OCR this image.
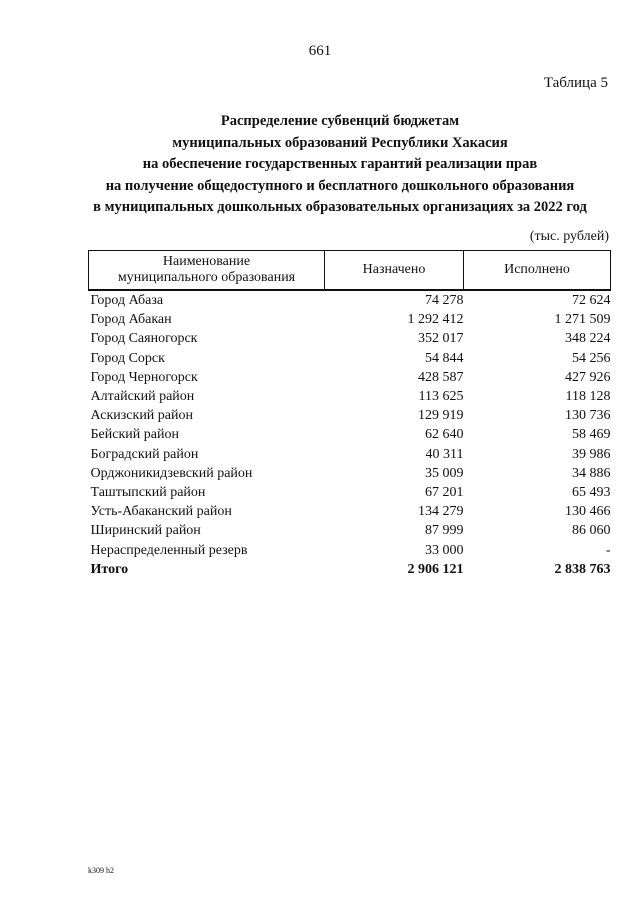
661
Таблица 5
Распределение субвенций бюджетам
муниципальных образований Республики Хакасия
на обеспечение государственных гарантий реализации прав
на получение общедоступного и бесплатного дошкольного образования
в муниципальных дошкольных образовательных организациях за 2022 год
(тыс. рублей)
Наименование
муниципального образования	Назначено	Исполнено
Город Абаза	74 278	72 624
Город Абакан	1 292 412	1 271 509
Город Саяногорск	352 017	348 224
Город Сорск	54 844	54 256
Город Черногорск	428 587	427 926
Алтайский район	113 625	118 128
Аскизский район	129 919	130 736
Бейский район	62 640	58 469
Боградский район	40 311	39 986
Орджоникидзевский район	35 009	34 886
Таштыпский район	67 201	65 493
Усть-Абаканский район	134 279	130 466
Ширинский район	87 999	86 060
Нераспределенный резерв	33 000	-
Итого	2 906 121	2 838 763
k309 h2
